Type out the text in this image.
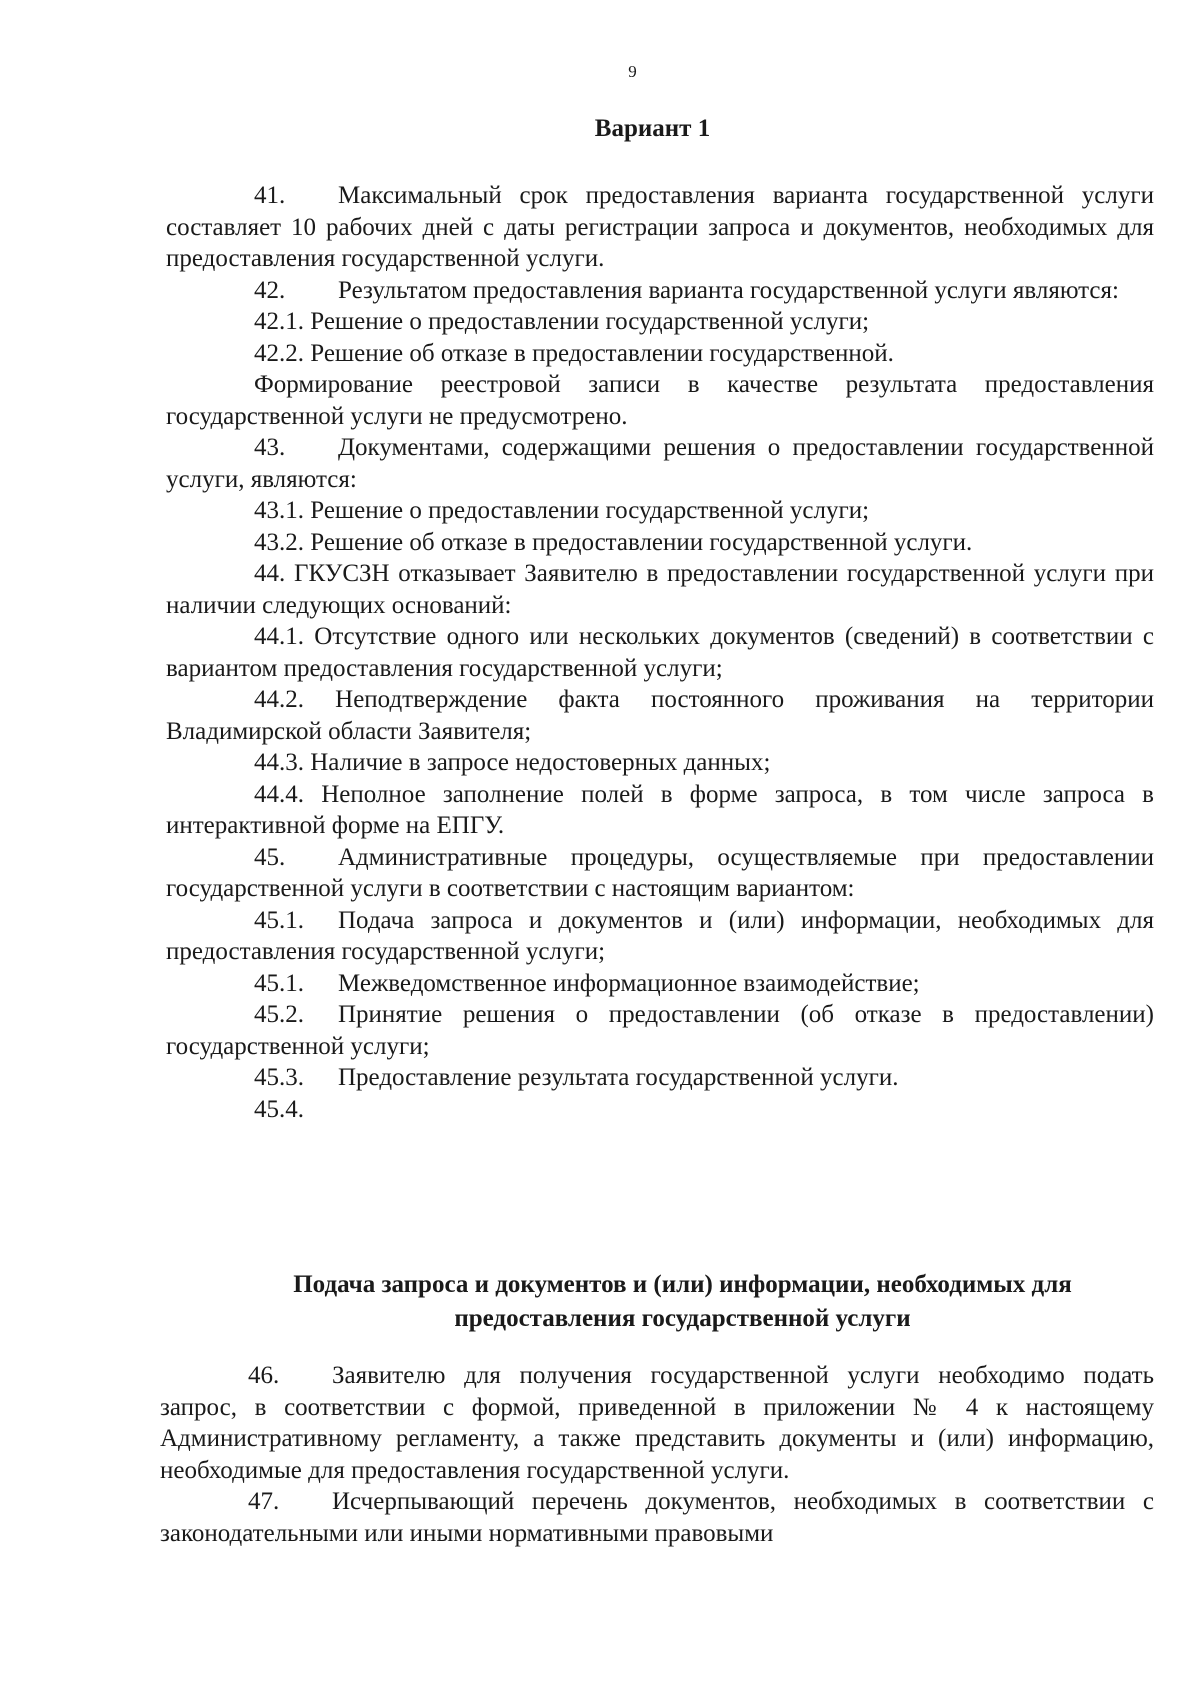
9
Вариант 1

41. Максимальный срок предоставления варианта государственной услуги составляет 10 рабочих дней с даты регистрации запроса и документов, необходимых для предоставления государственной услуги.

42. Результатом предоставления варианта государственной услуги являются:

42.1. Решение о предоставлении государственной услуги;

42.2. Решение об отказе в предоставлении государственной.

Формирование реестровой записи в качестве результата предоставления государственной услуги не предусмотрено.

43. Документами, содержащими решения о предоставлении государственной услуги, являются:

43.1. Решение о предоставлении государственной услуги;

43.2. Решение об отказе в предоставлении государственной услуги.

44. ГКУСЗН отказывает Заявителю в предоставлении государственной услуги при наличии следующих оснований:

44.1. Отсутствие одного или нескольких документов (сведений) в соответствии с вариантом предоставления государственной услуги;

44.2. Неподтверждение факта постоянного проживания на территории Владимирской области Заявителя;

44.3. Наличие в запросе недостоверных данных;

44.4. Неполное заполнение полей в форме запроса, в том числе запроса в интерактивной форме на ЕПГУ.

45. Административные процедуры, осуществляемые при предоставлении государственной услуги в соответствии с настоящим вариантом:

45.1. Подача запроса и документов и (или) информации, необходимых для предоставления государственной услуги;

45.1. Межведомственное информационное взаимодействие;

45.2. Принятие решения о предоставлении (об отказе в предоставлении) государственной услуги;

45.3. Предоставление результата государственной услуги.

45.4.

Подача запроса и документов и (или) информации, необходимых для предоставления государственной услуги

46. Заявителю для получения государственной услуги необходимо подать запрос, в соответствии с формой, приведенной в приложении № 4 к настоящему Административному регламенту, а также представить документы и (или) информацию, необходимые для предоставления государственной услуги.

47. Исчерпывающий перечень документов, необходимых в соответствии с законодательными или иными нормативными правовыми
